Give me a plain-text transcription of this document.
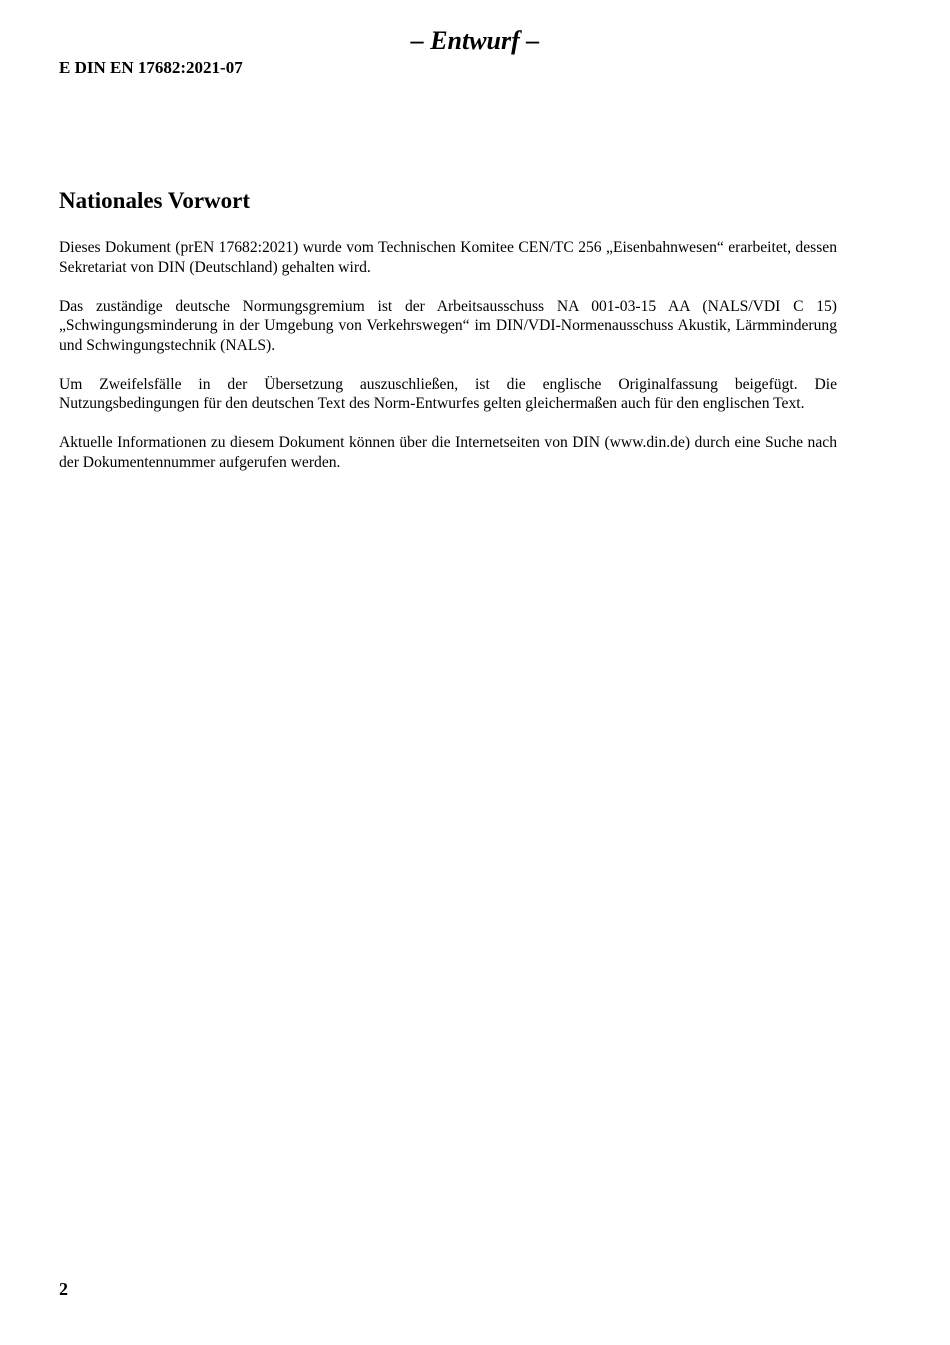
– Entwurf –
E DIN EN 17682:2021-07
Nationales Vorwort

Dieses Dokument (prEN 17682:2021) wurde vom Technischen Komitee CEN/TC 256 „Eisenbahnwesen“ erarbeitet, dessen Sekretariat von DIN (Deutschland) gehalten wird.

Das zuständige deutsche Normungsgremium ist der Arbeitsausschuss NA 001-03-15 AA (NALS/VDI C 15) „Schwingungsminderung in der Umgebung von Verkehrswegen“ im DIN/VDI-Normenausschuss Akustik, Lärmminderung und Schwingungstechnik (NALS).

Um Zweifelsfälle in der Übersetzung auszuschließen, ist die englische Originalfassung beigefügt. Die Nutzungsbedingungen für den deutschen Text des Norm-Entwurfes gelten gleichermaßen auch für den englischen Text.

Aktuelle Informationen zu diesem Dokument können über die Internetseiten von DIN (www.din.de) durch eine Suche nach der Dokumentennummer aufgerufen werden.

2
